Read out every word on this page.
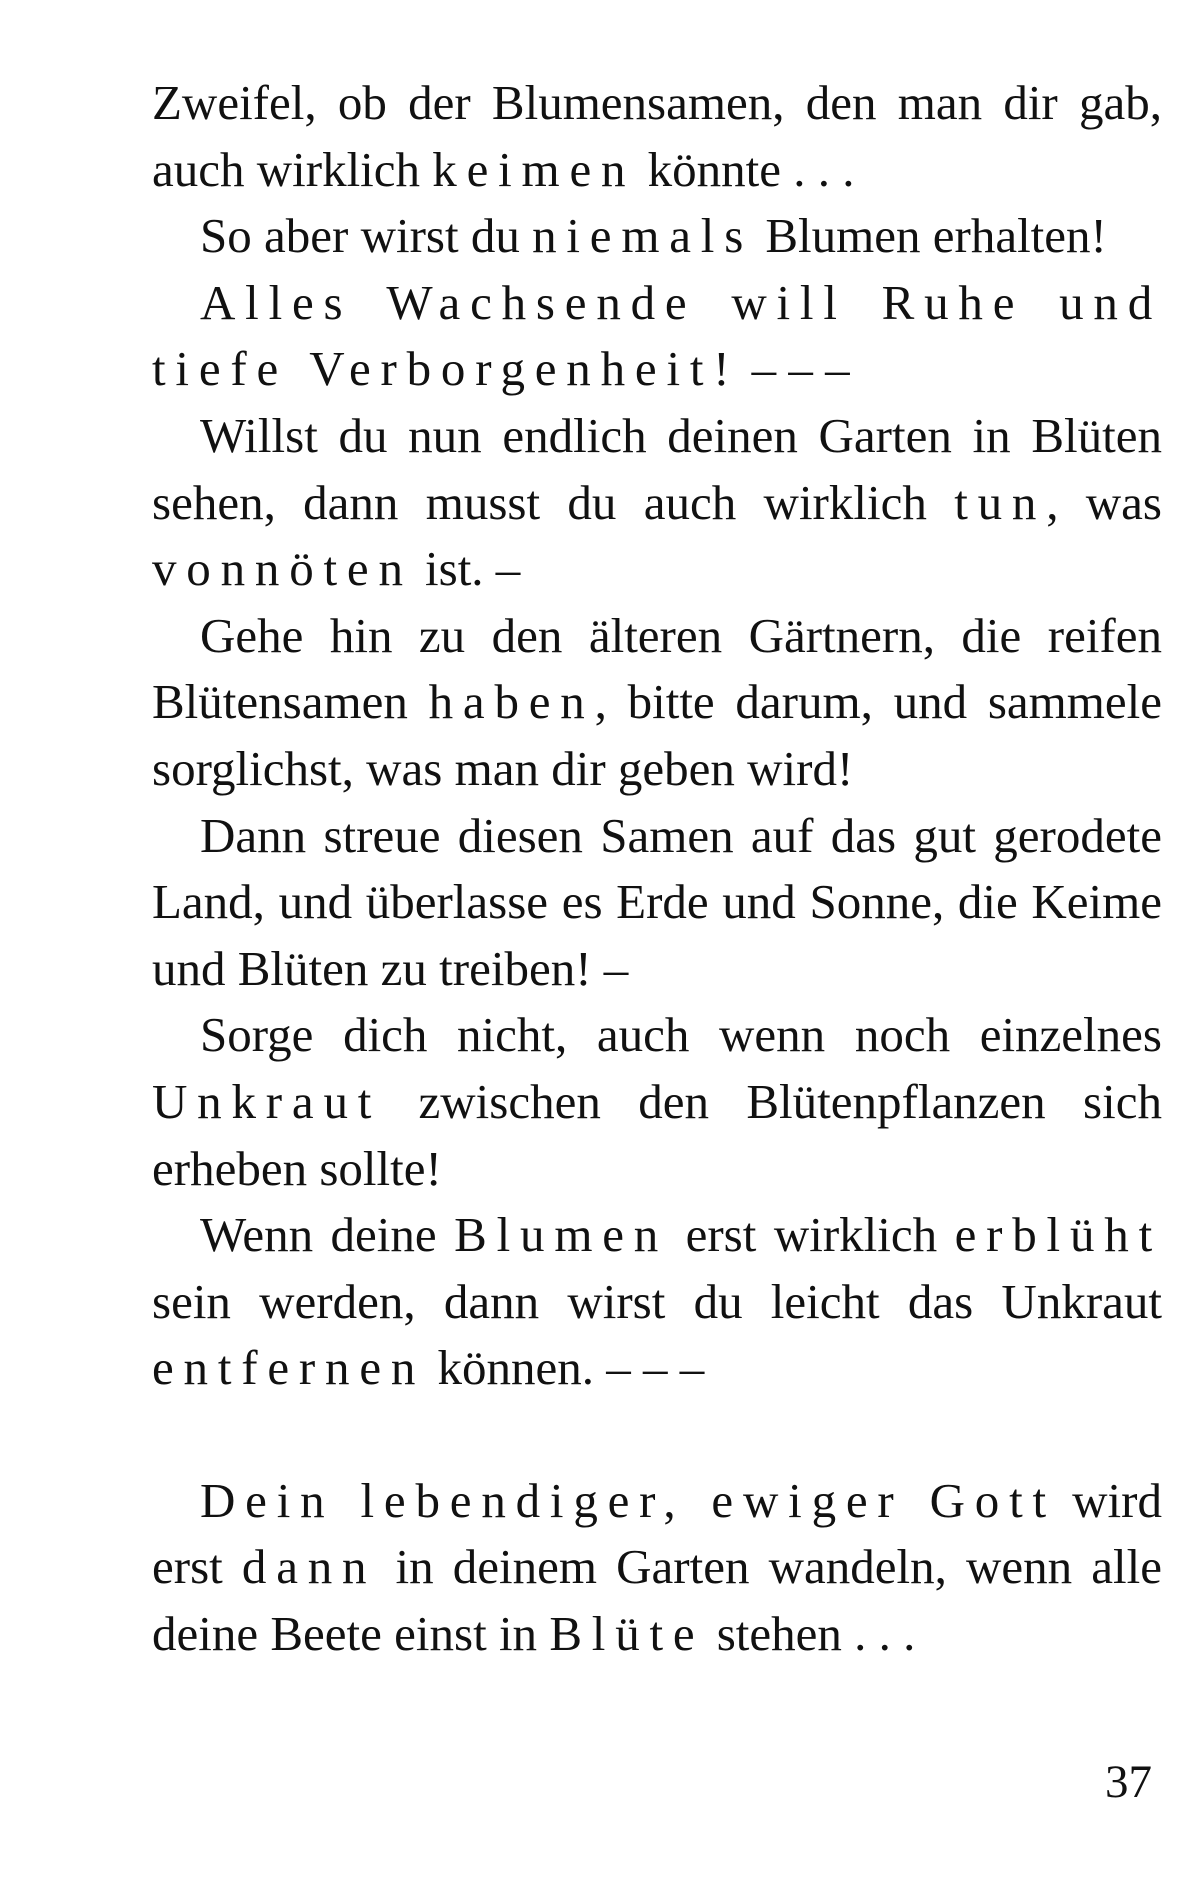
Zweifel, ob der Blumensamen, den man dir gab, auch wirklich keimen könnte . . .

So aber wirst du niemals Blumen erhalten!

Alles Wachsende will Ruhe und tiefe Verborgenheit! – – –

Willst du nun endlich deinen Garten in Blüten sehen, dann musst du auch wirklich tun, was vonnöten ist. –

Gehe hin zu den älteren Gärtnern, die reifen Blütensamen haben, bitte darum, und sammele sorglichst, was man dir geben wird!

Dann streue diesen Samen auf das gut gerodete Land, und überlasse es Erde und Sonne, die Keime und Blüten zu treiben! –

Sorge dich nicht, auch wenn noch einzelnes Unkraut zwischen den Blütenpflanzen sich erheben sollte!

Wenn deine Blumen erst wirklich erblüht sein werden, dann wirst du leicht das Unkraut entfernen können. – – –

Dein lebendiger, ewiger Gott wird erst dann in deinem Garten wandeln, wenn alle deine Beete einst in Blüte stehen . . .

37
